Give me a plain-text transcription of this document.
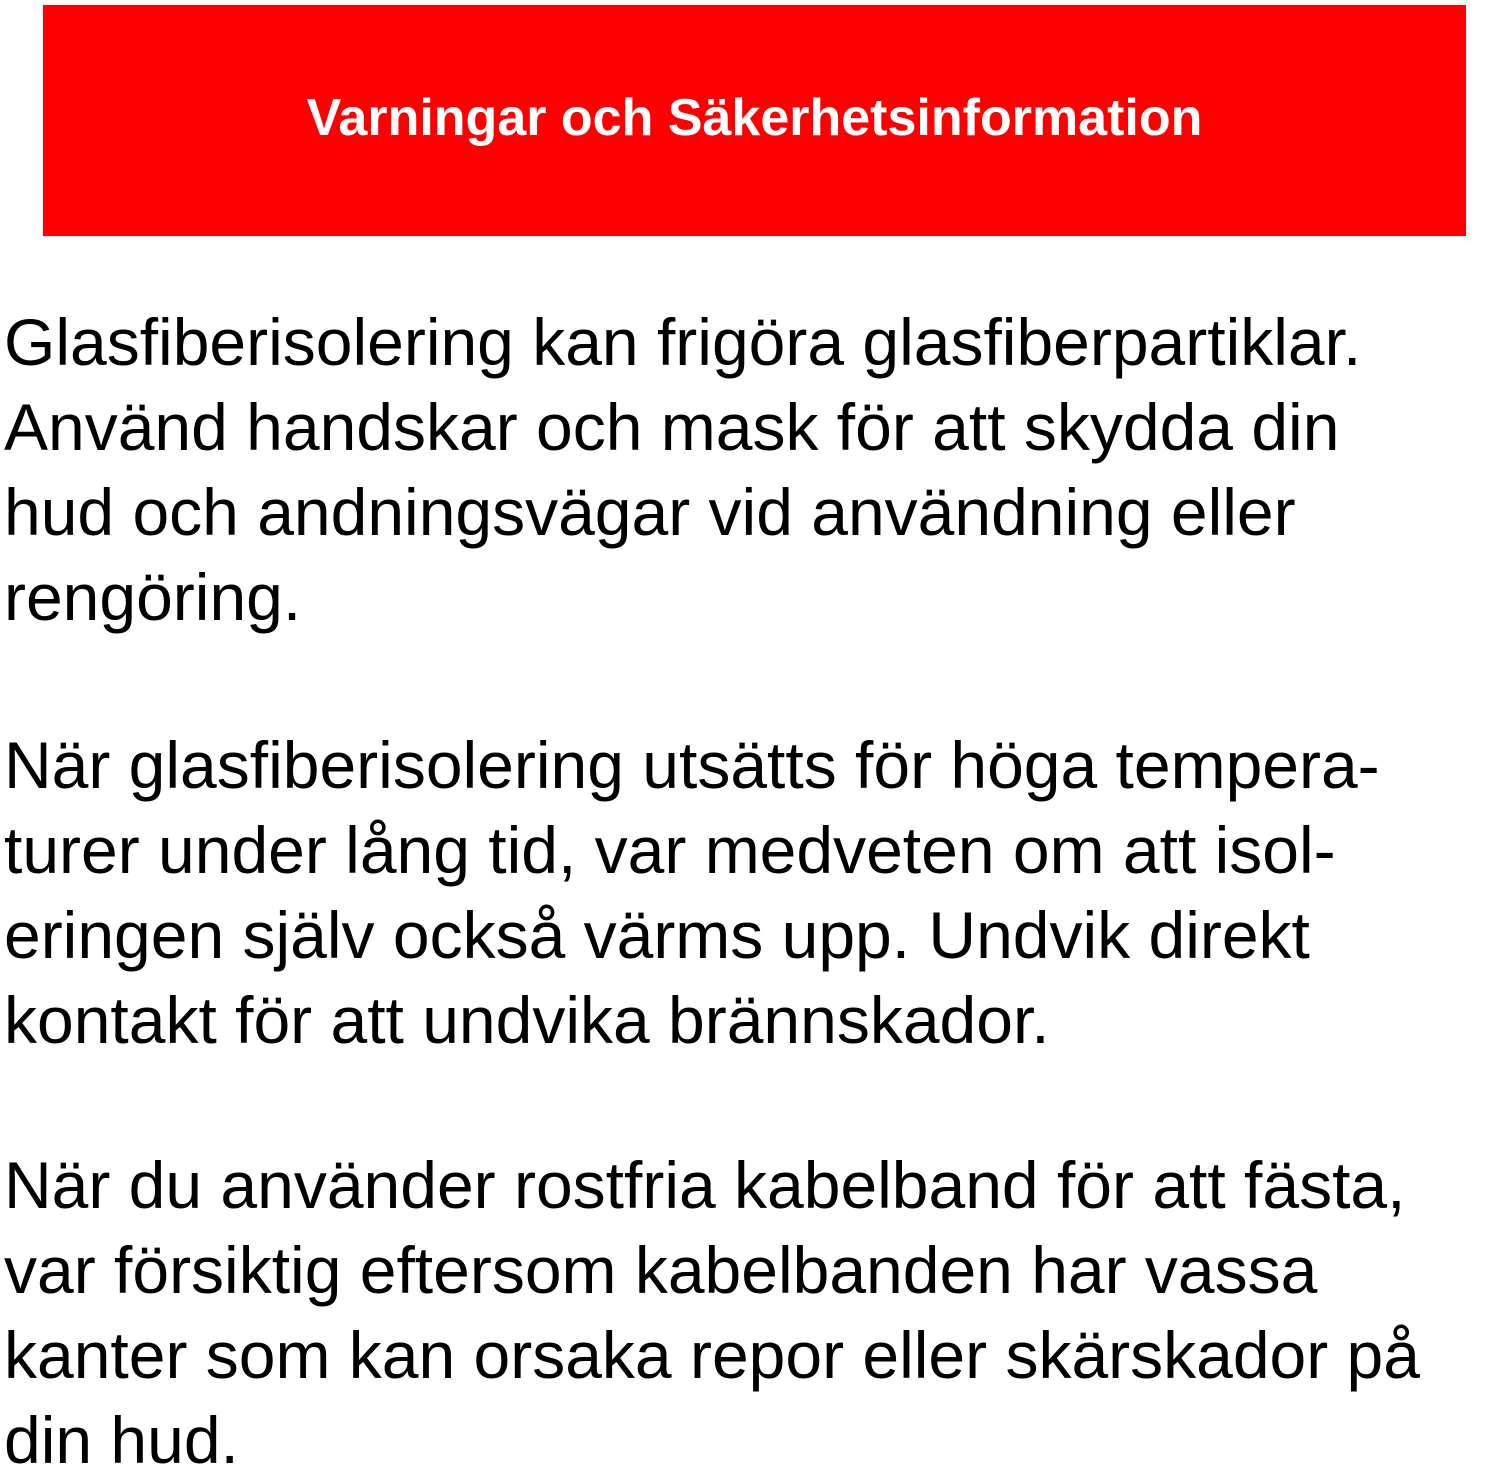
Varningar och Säkerhetsinformation

Glasfiberisolering kan frigöra glasfiberpartiklar.
Använd handskar och mask för att skydda din
hud och andningsvägar vid användning eller
rengöring.

När glasfiberisolering utsätts för höga tempera-
turer under lång tid, var medveten om att isol-
eringen själv också värms upp. Undvik direkt
kontakt för att undvika brännskador.

När du använder rostfria kabelband för att fästa,
var försiktig eftersom kabelbanden har vassa
kanter som kan orsaka repor eller skärskador på
din hud.
